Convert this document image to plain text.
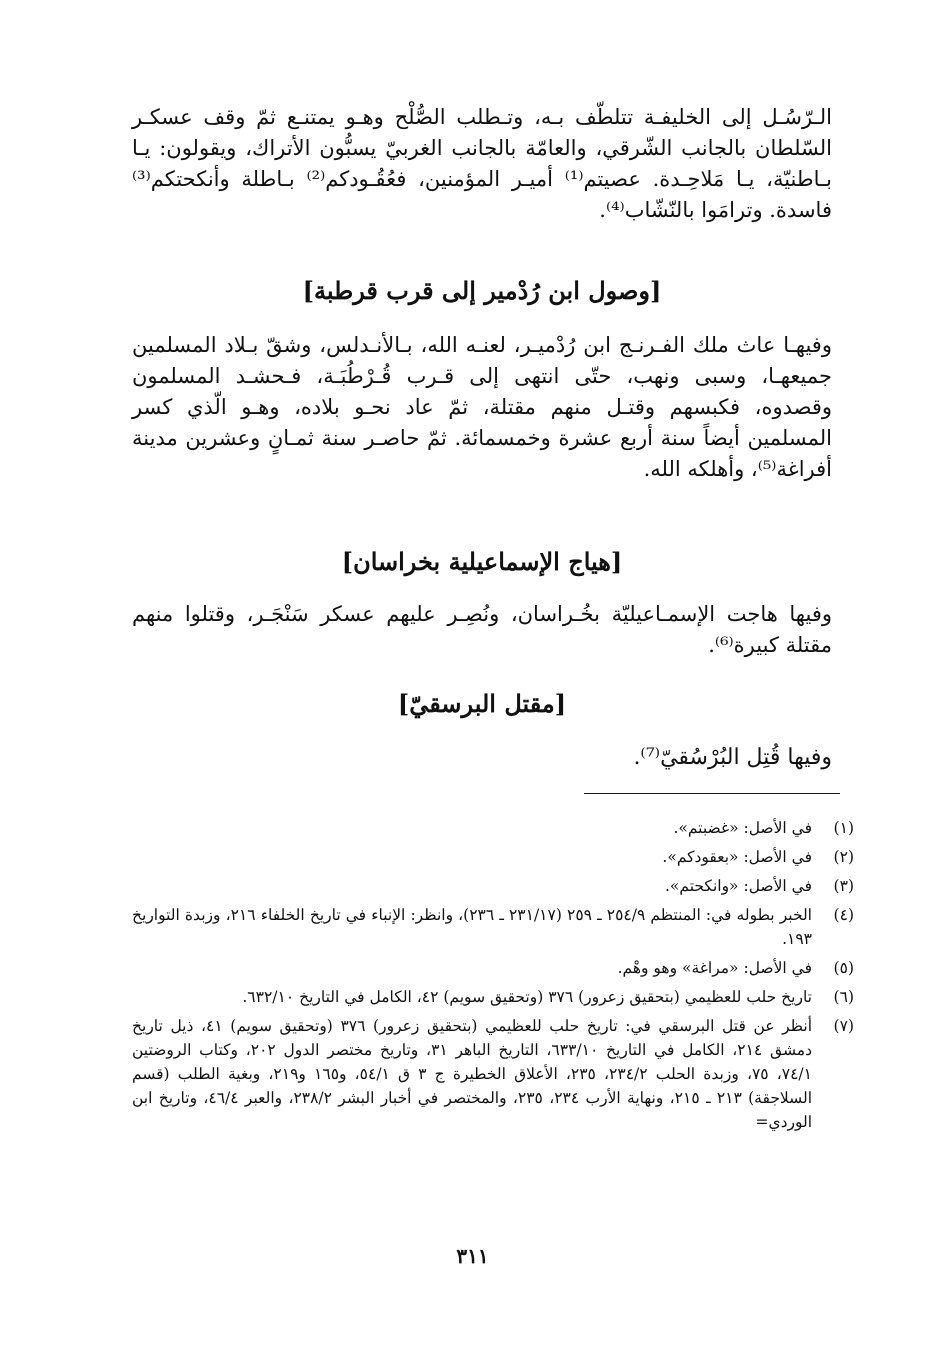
الـرّسُـل إلى الخليفـة تتلطّف بـه، وتـطلب الصُّلْح وهـو يمتنـع ثمّ وقف عسكـر السّلطان بالجانب الشّرقي، والعامّة بالجانب الغربيّ يسبُّون الأتراك، ويقولون: يـا بـاطنيّة، يـا مَلاحِـدة. عصيتم⁽¹⁾ أميـر المؤمنين، فعُقُـودكم⁽²⁾ بـاطلة وأنكحتكم⁽³⁾ فاسدة. وترامَوا بالنّشّاب⁽⁴⁾.

[وصول ابن رُدْمير إلى قرب قرطبة]

وفيهـا عاث ملك الفـرنـج ابن رُدْميـر، لعنـه الله، بـالأنـدلس، وشقّ بـلاد المسلمين جميعهـا، وسبى ونهب، حتّى انتهى إلى قـرب قُـرْطُبَـة، فـحشـد المسلمون وقصدوه، فكبسهم وقتـل منهم مقتلة، ثمّ عاد نحـو بلاده، وهـو الّذي كسر المسلمين أيضاً سنة أربع عشرة وخمسمائة. ثمّ حاصـر سنة ثمـانٍ وعشرين مدينة أفراغة⁽⁵⁾، وأهلكه الله.

[هياج الإسماعيلية بخراسان]

وفيها هاجت الإسمـاعيليّة بخُـراسان، ونُصِـر عليهم عسكر سَنْجَـر، وقتلوا منهم مقتلة كبيرة⁽⁶⁾.

[مقتل البرسقيّ]

وفيها قُتِل البُرْسُقيّ⁽⁷⁾.

(١)
في الأصل: «غضبتم».
(٢)
في الأصل: «بعقودكم».
(٣)
في الأصل: «وانكحتم».
(٤)
الخبر بطوله في: المنتظم ٢٥٤/٩ ـ ٢٥٩ (٢٣١/١٧ ـ ٢٣٦)، وانظر: الإنباء في تاريخ الخلفاء ٢١٦، وزبدة التواريخ ١٩٣.
(٥)
في الأصل: «مراغة» وهو وهْم.
(٦)
تاريخ حلب للعظيمي (بتحقيق زعرور) ٣٧٦ (وتحقيق سويم) ٤٢، الكامل في التاريخ ٦٣٢/١٠.
(٧)
أنظر عن قتل البرسقي في: تاريخ حلب للعظيمي (بتحقيق زعرور) ٣٧٦ (وتحقيق سويم) ٤١، ذيل تاريخ دمشق ٢١٤، الكامل في التاريخ ٦٣٣/١٠، التاريخ الباهر ٣١، وتاريخ مختصر الدول ٢٠٢، وكتاب الروضتين ٧٤/١، ٧٥، وزبدة الحلب ٢٣٤/٢، ٢٣٥، الأعلاق الخطيرة ج ٣ ق ٥٤/١، و١٦٥ و٢١٩، وبغية الطلب (قسم السلاجقة) ٢١٣ ـ ٢١٥، ونهاية الأرب ٢٣٤، ٢٣٥، والمختصر في أخبار البشر ٢٣٨/٢، والعبر ٤٦/٤، وتاريخ ابن الوردي=
٣١١
